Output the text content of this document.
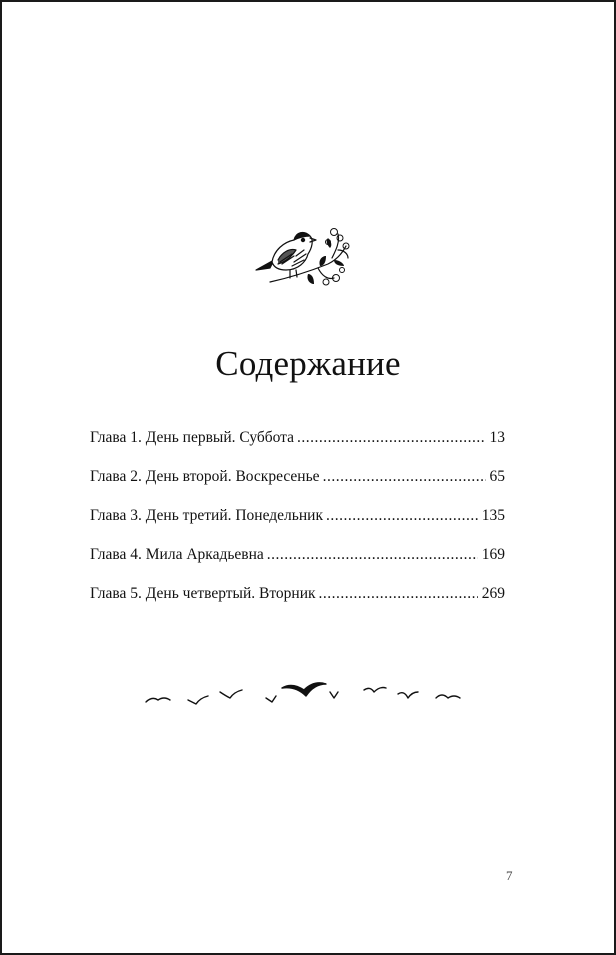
Содержание
Глава 1. День первый. Суббота .....	13
Глава 2. День второй. Воскресенье .....	65
Глава 3. День третий. Понедельник .....	135
Глава 4. Мила Аркадьевна .....	169
Глава 5. День четвертый. Вторник .....	269
7
